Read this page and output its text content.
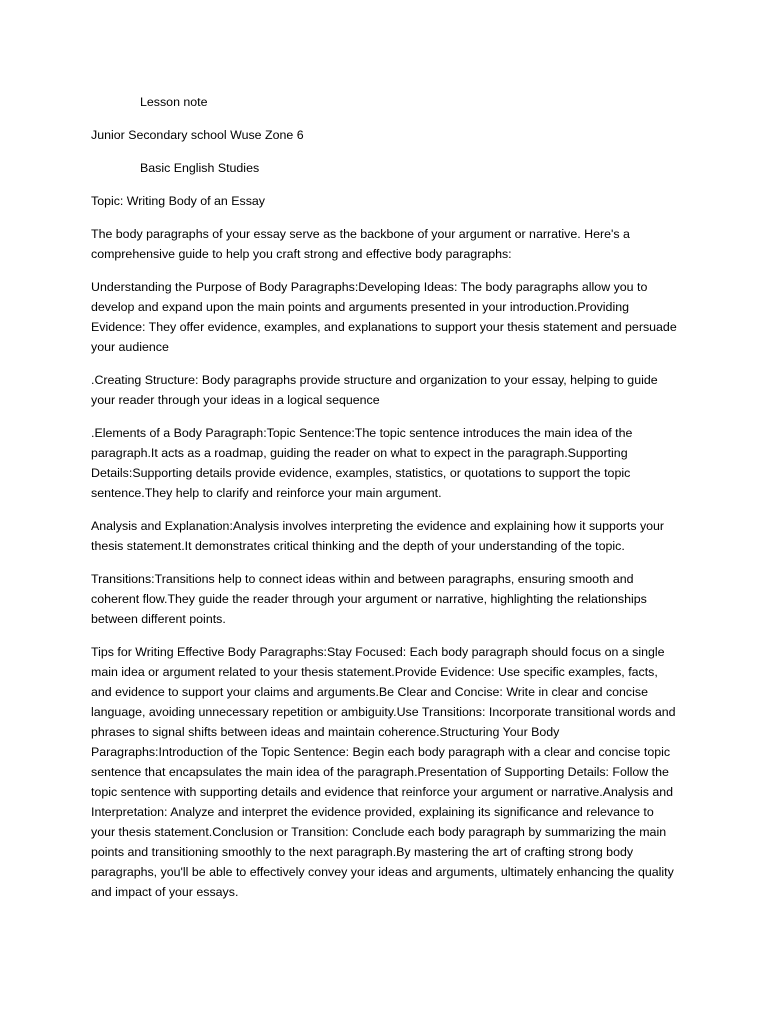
Lesson note

Junior Secondary school Wuse Zone 6

Basic English Studies

Topic: Writing Body of an Essay

The body paragraphs of your essay serve as the backbone of your argument or narrative. Here's a comprehensive guide to help you craft strong and effective body paragraphs:

Understanding the Purpose of Body Paragraphs:Developing Ideas: The body paragraphs allow you to develop and expand upon the main points and arguments presented in your introduction.Providing Evidence: They offer evidence, examples, and explanations to support your thesis statement and persuade your audience

.Creating Structure: Body paragraphs provide structure and organization to your essay, helping to guide your reader through your ideas in a logical sequence

.Elements of a Body Paragraph:Topic Sentence:The topic sentence introduces the main idea of the paragraph.It acts as a roadmap, guiding the reader on what to expect in the paragraph.Supporting Details:Supporting details provide evidence, examples, statistics, or quotations to support the topic sentence.They help to clarify and reinforce your main argument.

Analysis and Explanation:Analysis involves interpreting the evidence and explaining how it supports your thesis statement.It demonstrates critical thinking and the depth of your understanding of the topic.

Transitions:Transitions help to connect ideas within and between paragraphs, ensuring smooth and coherent flow.They guide the reader through your argument or narrative, highlighting the relationships between different points.

Tips for Writing Effective Body Paragraphs:Stay Focused: Each body paragraph should focus on a single main idea or argument related to your thesis statement.Provide Evidence: Use specific examples, facts, and evidence to support your claims and arguments.Be Clear and Concise: Write in clear and concise language, avoiding unnecessary repetition or ambiguity.Use Transitions: Incorporate transitional words and phrases to signal shifts between ideas and maintain coherence.Structuring Your Body Paragraphs:Introduction of the Topic Sentence: Begin each body paragraph with a clear and concise topic sentence that encapsulates the main idea of the paragraph.Presentation of Supporting Details: Follow the topic sentence with supporting details and evidence that reinforce your argument or narrative.Analysis and Interpretation: Analyze and interpret the evidence provided, explaining its significance and relevance to your thesis statement.Conclusion or Transition: Conclude each body paragraph by summarizing the main points and transitioning smoothly to the next paragraph.By mastering the art of crafting strong body paragraphs, you'll be able to effectively convey your ideas and arguments, ultimately enhancing the quality and impact of your essays.
